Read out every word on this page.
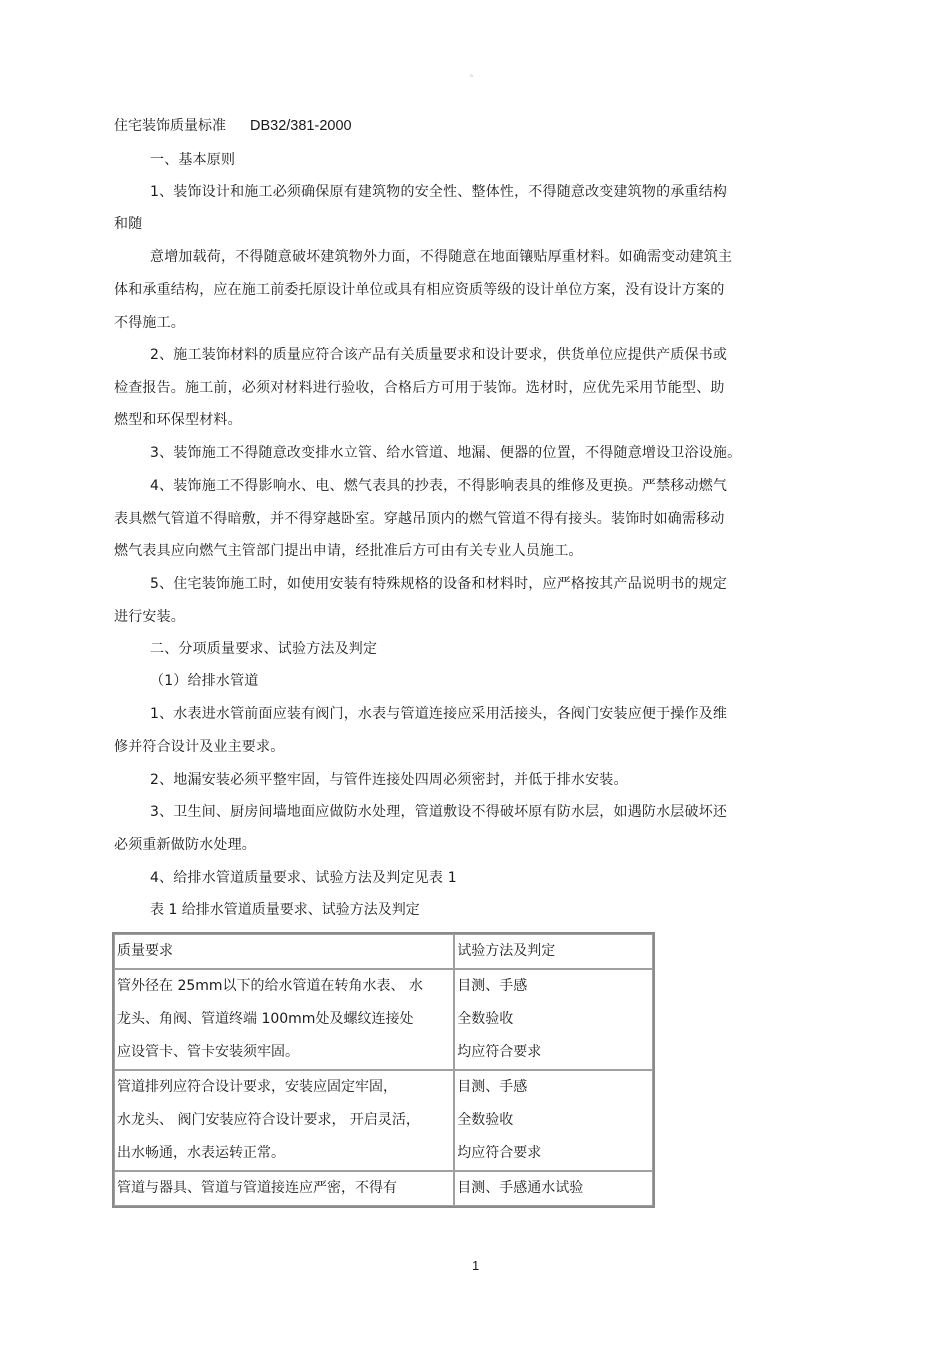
。
住宅装饰质量标准 DB32/381-2000
一、基本原则
1、装饰设计和施工必须确保原有建筑物的安全性、整体性，不得随意改变建筑物的承重结构
和随
意增加载荷，不得随意破坏建筑物外力面，不得随意在地面镶贴厚重材料。如确需变动建筑主
体和承重结构，应在施工前委托原设计单位或具有相应资质等级的设计单位方案，没有设计方案的
不得施工。
2、施工装饰材料的质量应符合该产品有关质量要求和设计要求，供货单位应提供产质保书或
检查报告。施工前，必须对材料进行验收，合格后方可用于装饰。选材时，应优先采用节能型、助
燃型和环保型材料。
3、装饰施工不得随意改变排水立管、给水管道、地漏、便器的位置，不得随意增设卫浴设施。
4、装饰施工不得影响水、电、燃气表具的抄表，不得影响表具的维修及更换。严禁移动燃气
表具燃气管道不得暗敷，并不得穿越卧室。穿越吊顶内的燃气管道不得有接头。装饰时如确需移动
燃气表具应向燃气主管部门提出申请，经批准后方可由有关专业人员施工。
5、住宅装饰施工时，如使用安装有特殊规格的设备和材料时，应严格按其产品说明书的规定
进行安装。
二、分项质量要求、试验方法及判定
（1）给排水管道
1、水表进水管前面应装有阀门，水表与管道连接应采用活接头，各阀门安装应便于操作及维
修并符合设计及业主要求。
2、地漏安装必须平整牢固，与管件连接处四周必须密封，并低于排水安装。
3、卫生间、厨房间墙地面应做防水处理，管道敷设不得破坏原有防水层，如遇防水层破坏还
必须重新做防水处理。
4、给排水管道质量要求、试验方法及判定见表 1
表 1 给排水管道质量要求、试验方法及判定
质量要求	试验方法及判定

管外径在 25mm以下的给水管道在转角水表、 水
龙头、角阀、管道终端 100mm处及螺纹连接处
应设管卡、管卡安装须牢固。	目测、手感
全数验收
均应符合要求

管道排列应符合设计要求，安装应固定牢固，
水龙头、 阀门安装应符合设计要求， 开启灵活，
出水畅通，水表运转正常。	目测、手感
全数验收
均应符合要求

管道与器具、管道与管道接连应严密，不得有	目测、手感通水试验
1
